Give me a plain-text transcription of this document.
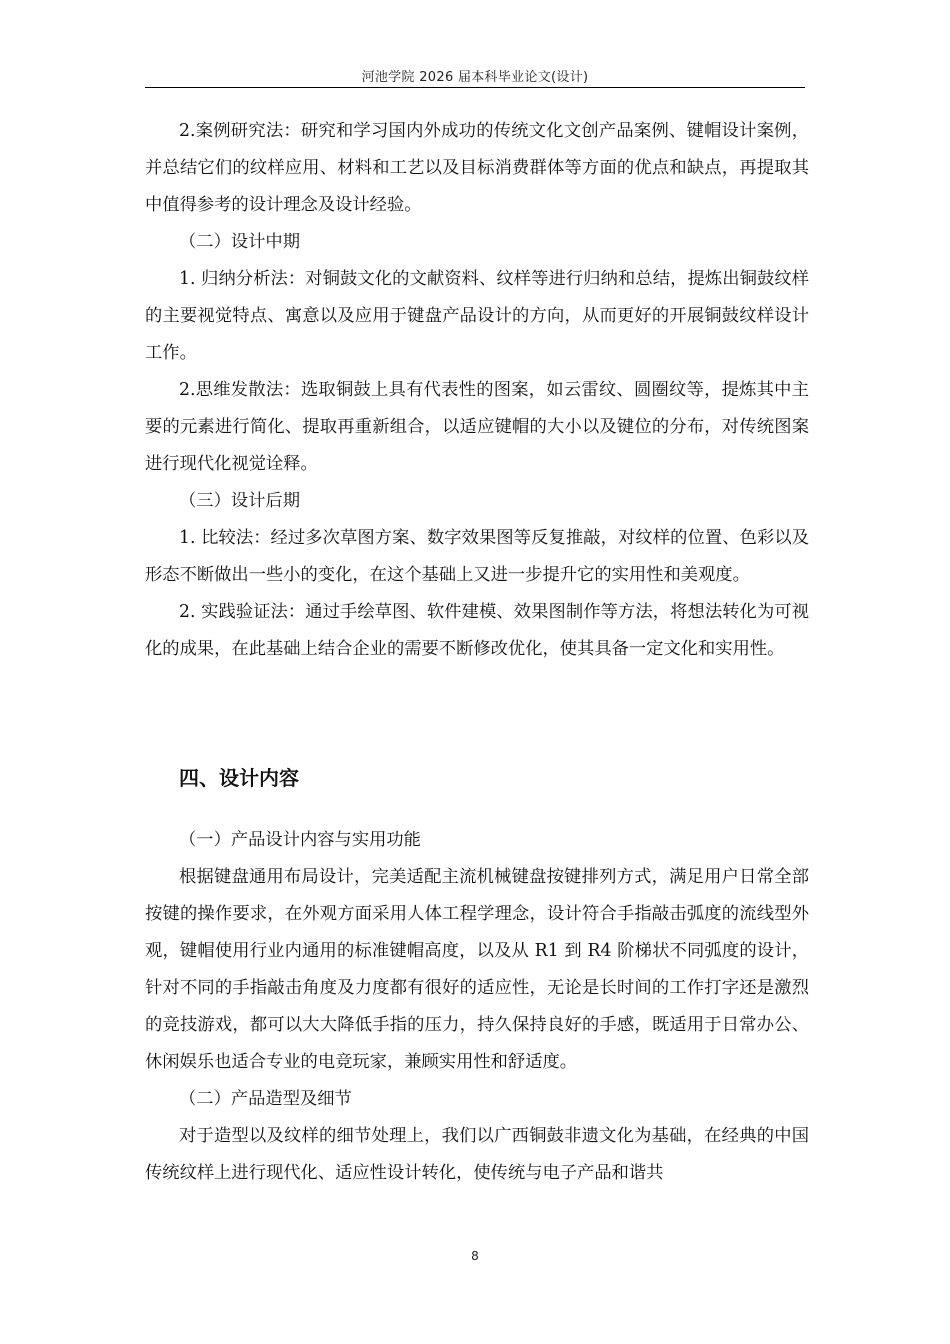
河池学院 2026 届本科毕业论文(设计)

2.案例研究法：研究和学习国内外成功的传统文化文创产品案例、键帽设计案例，并总结它们的纹样应用、材料和工艺以及目标消费群体等方面的优点和缺点，再提取其中值得参考的设计理念及设计经验。

（二）设计中期

1. 归纳分析法：对铜鼓文化的文献资料、纹样等进行归纳和总结，提炼出铜鼓纹样的主要视觉特点、寓意以及应用于键盘产品设计的方向，从而更好的开展铜鼓纹样设计工作。

2.思维发散法：选取铜鼓上具有代表性的图案，如云雷纹、圆圈纹等，提炼其中主要的元素进行简化、提取再重新组合，以适应键帽的大小以及键位的分布，对传统图案进行现代化视觉诠释。

（三）设计后期

1. 比较法：经过多次草图方案、数字效果图等反复推敲，对纹样的位置、色彩以及形态不断做出一些小的变化，在这个基础上又进一步提升它的实用性和美观度。

2. 实践验证法：通过手绘草图、软件建模、效果图制作等方法，将想法转化为可视化的成果，在此基础上结合企业的需要不断修改优化，使其具备一定文化和实用性。

四、设计内容

（一）产品设计内容与实用功能

根据键盘通用布局设计，完美适配主流机械键盘按键排列方式，满足用户日常全部按键的操作要求，在外观方面采用人体工程学理念，设计符合手指敲击弧度的流线型外观，键帽使用行业内通用的标准键帽高度，以及从 R1 到 R4 阶梯状不同弧度的设计，针对不同的手指敲击角度及力度都有很好的适应性，无论是长时间的工作打字还是激烈的竞技游戏，都可以大大降低手指的压力，持久保持良好的手感，既适用于日常办公、休闲娱乐也适合专业的电竞玩家，兼顾实用性和舒适度。

（二）产品造型及细节

对于造型以及纹样的细节处理上，我们以广西铜鼓非遗文化为基础，在经典的中国传统纹样上进行现代化、适应性设计转化，使传统与电子产品和谐共

8
